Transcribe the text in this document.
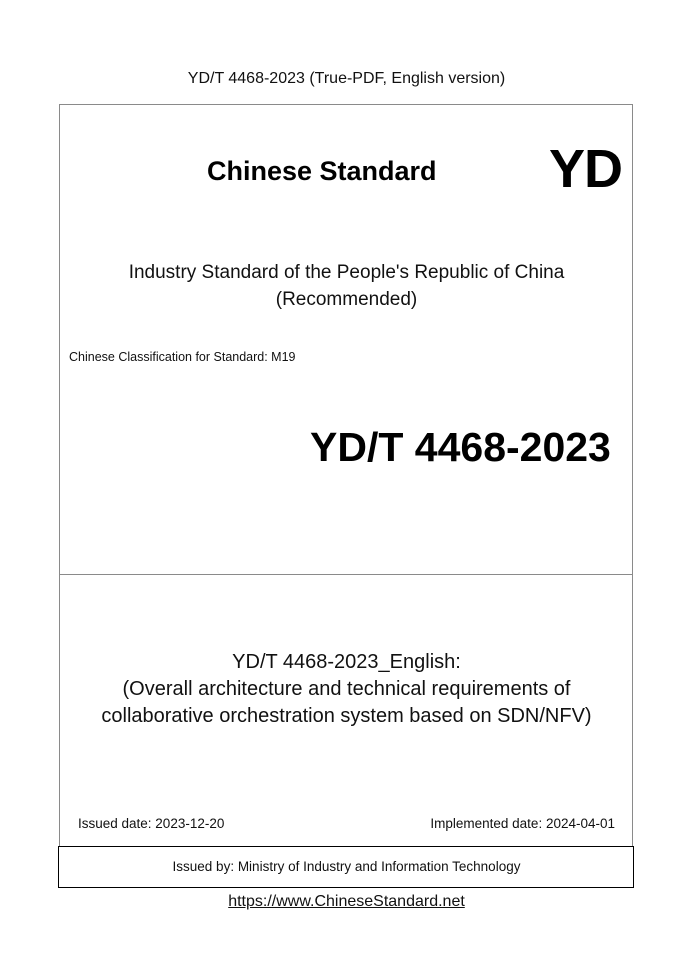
YD/T 4468-2023 (True-PDF, English version)
Chinese Standard YD
Industry Standard of the People's Republic of China
(Recommended)
Chinese Classification for Standard: M19
YD/T 4468-2023
YD/T 4468-2023_English:
(Overall architecture and technical requirements of
collaborative orchestration system based on SDN/NFV)
Issued date: 2023-12-20	Implemented date: 2024-04-01
Issued by: Ministry of Industry and Information Technology
https://www.ChineseStandard.net
